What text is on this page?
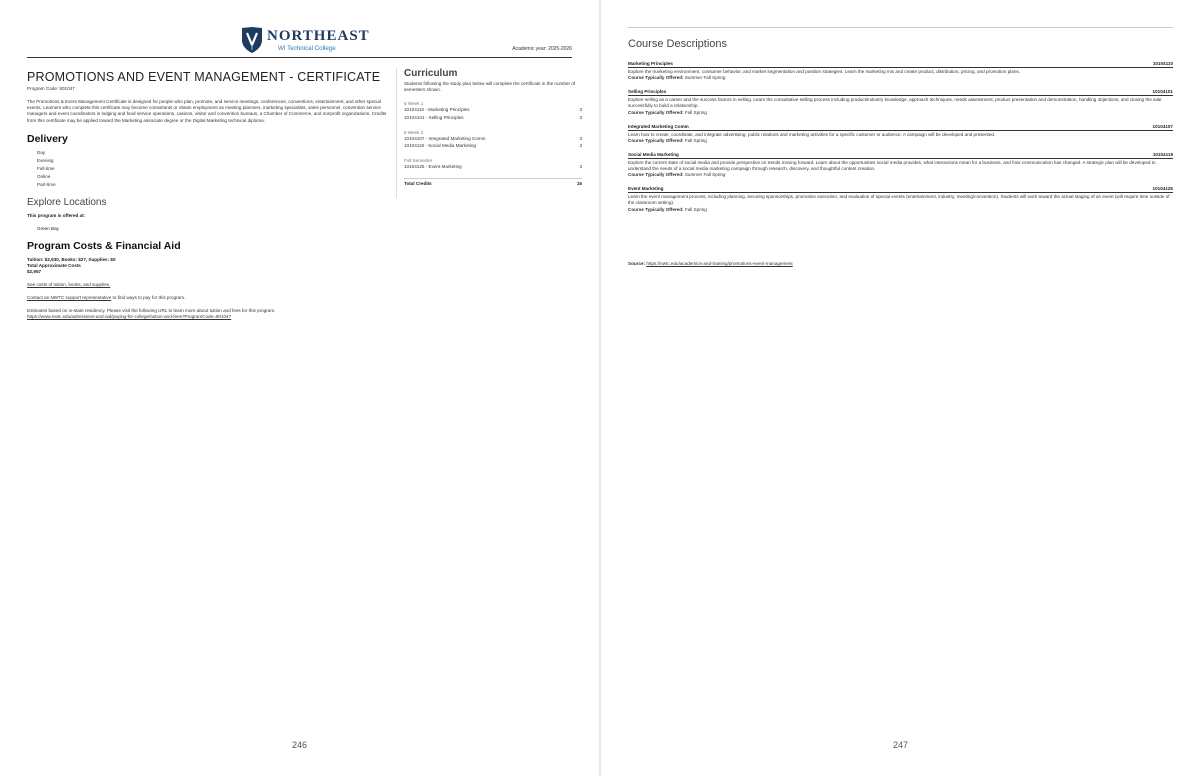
NORTHEAST
WI Technical College	Academic year: 2025-2026
PROMOTIONS AND EVENT MANAGEMENT - CERTIFICATE
Program Code: 901047
The Promotions & Event Management Certificate is designed for people who plan, promote, and service meetings, conferences, conventions, entertainment, and other special events. Learners who complete this certificate may become consultants or obtain employment as meeting planners, marketing specialists, sales personnel, convention service managers and event coordinators in lodging and food service operations, casinos, visitor and convention bureaus, a Chamber of Commerce, and nonprofit organizations. Credits from this certificate may be applied toward the Marketing associate degree or the Digital Marketing technical diploma.
Delivery
Day
Evening
Full-time
Online
Part-time
Explore Locations
This program is offered at:
Green Bay
Program Costs & Financial Aid
Tuition: $2,930, Books: $27, Supplies: $0
Total Approximate Costs
$2,957
See costs of tuition, books, and supplies.
Contact an NWTC support representative to find ways to pay for this program.
Estimates based on in-state residency. Please visit the following URL to learn more about tuition and fees for this program.
https://www.nwtc.edu/admissions-and-aid/paying-for-college/tuition-and-fees?ProgramCode=901047
Curriculum
Students following the study plan below will complete the certificate in the number of semesters shown.
8 Week 1
10104110 - Marketing Principles	3
10104101 - Selling Principles	3
8 Week 2
10104107 - Integrated Marketing Comm	3
10104119 - Social Media Marketing	3
Full Semester
10104125 - Event Marketing	3
Total Credits	15
246
Course Descriptions
Marketing Principles	10104110
Explore the marketing environment, consumer behavior, and market segmentation and position strategies. Learn the marketing mix and create product, distribution, pricing, and promotion plans.
Course Typically Offered: Summer Fall Spring
Selling Principles	10104101
Explore selling as a career and the success factors in selling. Learn the consultative selling process including product/industry knowledge, approach techniques, needs assessment, product presentation and demonstration, handling objections, and closing the sale successfully to build a relationship.
Course Typically Offered: Fall Spring
Integrated Marketing Comm	10104107
Learn how to create, coordinate, and integrate advertising, public relations and marketing activities for a specific customer or audience. A campaign will be developed and presented.
Course Typically Offered: Fall Spring
Social Media Marketing	10104119
Explore the current state of social media and provide perspective on trends moving forward. Learn about the opportunities social media provides, what interactions mean for a business, and how communication has changed. A strategic plan will be developed to understand the needs of a social media marketing campaign through research, discovery, and thoughtful content creation.
Course Typically Offered: Summer Fall Spring
Event Marketing	10104125
Learn the event management process, including planning, securing sponsorships, promotion execution, and evaluation of special events (entertainment, industry, meeting/convention). Students will work toward the actual staging of an event (will require time outside of the classroom setting).
Course Typically Offered: Fall Spring
Source: https://nwtc.edu/academics-and-training/promotions-event-management
247
